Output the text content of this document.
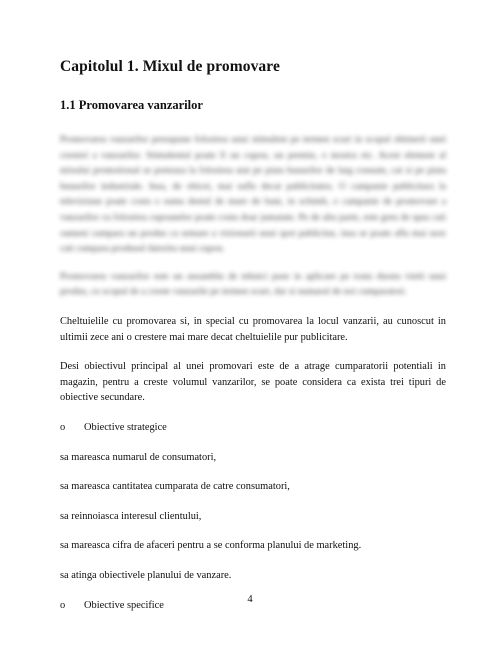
Capitolul 1. Mixul de promovare
1.1 Promovarea vanzarilor

Promovarea vanzarilor presupune folosirea unui stimulent pe termen scurt in scopul obtinerii unei cresteri a vanzarilor. Stimulentul poate fi un cupon, un premiu, o mostra etc. Acest element al mixului promotional se preteaza la folosirea atat pe piata bunurilor de larg consum, cat si pe piata bunurilor industriale. Insa, de obicei, mai sufla decat publicitatea. O campanie publicitara la televiziune poate costa o suma destul de mare de bani, in schimb, o campanie de promovare a vanzarilor cu folosirea cupoanelor poate costa doar jumatate. Pe de alta parte, este greu de spus cati oameni cumpara un produs ca urmare a vizionarii unui spot publicitar, insa se poate afla mai usor cati cumpara produsul datorita unui cupon.

Promovarea vanzarilor este un ansamblu de tehnici puse in aplicare pe toata durata vietii unui produs, cu scopul de a creste vanzarile pe termen scurt, dar si numarul de noi cumparatori.

Cheltuielile cu promovarea si, in special cu promovarea la locul vanzarii, au cunoscut in ultimii zece ani o crestere mai mare decat cheltuielile pur publicitare.

Desi obiectivul principal al unei promovari este de a atrage cumparatorii potentiali in magazin, pentru a creste volumul vanzarilor, se poate considera ca exista trei tipuri de obiective secundare.

o	Obiective strategice

sa mareasca numarul de consumatori,

sa mareasca cantitatea cumparata de catre consumatori,

sa reinnoiasca interesul clientului,

sa mareasca cifra de afaceri pentru a se conforma planului de marketing.

sa atinga obiectivele planului de vanzare.

o	Obiective specifice

4
